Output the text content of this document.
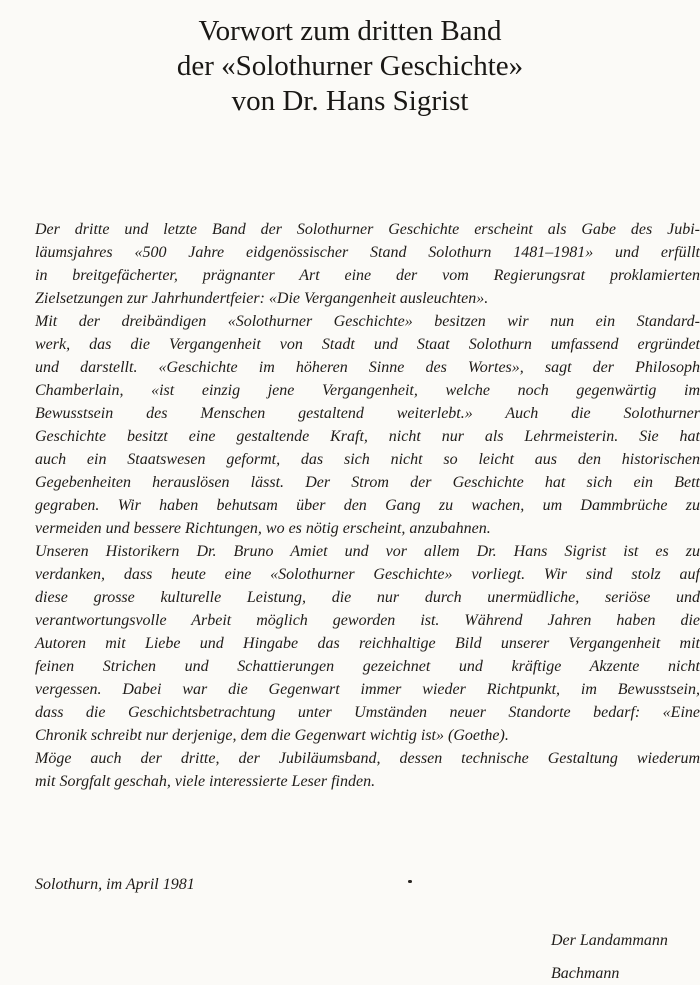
Vorwort zum dritten Band
der «Solothurner Geschichte»
von Dr. Hans Sigrist
Der dritte und letzte Band der Solothurner Geschichte erscheint als Gabe des Jubi-
läumsjahres «500 Jahre eidgenössischer Stand Solothurn 1481–1981» und erfüllt
in breitgefächerter, prägnanter Art eine der vom Regierungsrat proklamierten
Zielsetzungen zur Jahrhundertfeier: «Die Vergangenheit ausleuchten».
Mit der dreibändigen «Solothurner Geschichte» besitzen wir nun ein Standard-
werk, das die Vergangenheit von Stadt und Staat Solothurn umfassend ergründet
und darstellt. «Geschichte im höheren Sinne des Wortes», sagt der Philosoph
Chamberlain, «ist einzig jene Vergangenheit, welche noch gegenwärtig im
Bewusstsein des Menschen gestaltend weiterlebt.» Auch die Solothurner
Geschichte besitzt eine gestaltende Kraft, nicht nur als Lehrmeisterin. Sie hat
auch ein Staatswesen geformt, das sich nicht so leicht aus den historischen
Gegebenheiten herauslösen lässt. Der Strom der Geschichte hat sich ein Bett
gegraben. Wir haben behutsam über den Gang zu wachen, um Dammbrüche zu
vermeiden und bessere Richtungen, wo es nötig erscheint, anzubahnen.
Unseren Historikern Dr. Bruno Amiet und vor allem Dr. Hans Sigrist ist es zu
verdanken, dass heute eine «Solothurner Geschichte» vorliegt. Wir sind stolz auf
diese grosse kulturelle Leistung, die nur durch unermüdliche, seriöse und
verantwortungsvolle Arbeit möglich geworden ist. Während Jahren haben die
Autoren mit Liebe und Hingabe das reichhaltige Bild unserer Vergangenheit mit
feinen Strichen und Schattierungen gezeichnet und kräftige Akzente nicht
vergessen. Dabei war die Gegenwart immer wieder Richtpunkt, im Bewusstsein,
dass die Geschichtsbetrachtung unter Umständen neuer Standorte bedarf: «Eine
Chronik schreibt nur derjenige, dem die Gegenwart wichtig ist» (Goethe).
Möge auch der dritte, der Jubiläumsband, dessen technische Gestaltung wiederum
mit Sorgfalt geschah, viele interessierte Leser finden.
Solothurn, im April 1981
Der Landammann
Bachmann
